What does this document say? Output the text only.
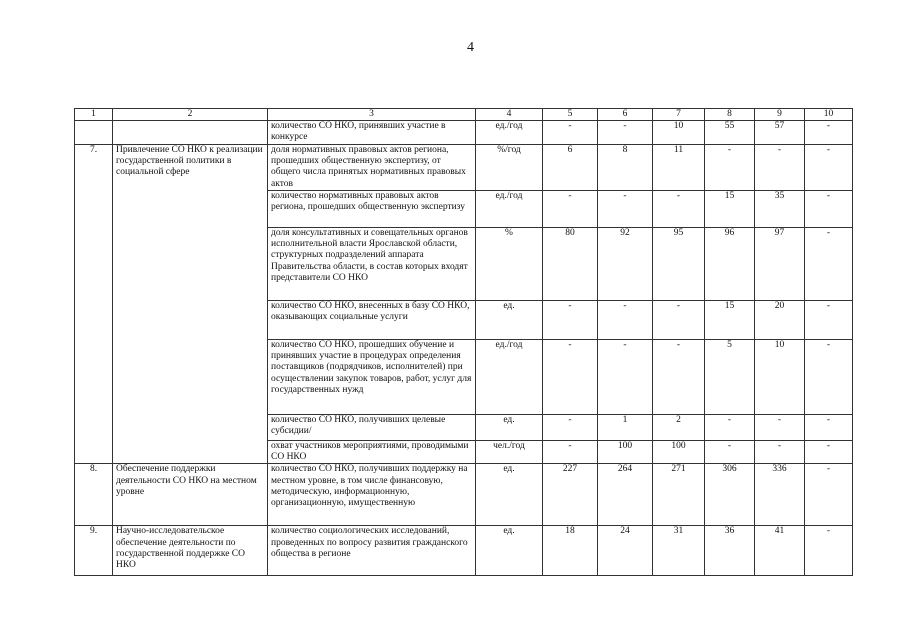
4
1	2	3	4	5	6	7	8	9	10
		количество СО НКО, принявших участие в конкурсе	ед./год	-	-	10	55	57	-
7.	Привлечение СО НКО к реализации государственной политики в социальной сфере	доля нормативных правовых актов региона, прошедших общественную экспертизу, от общего числа принятых нормативных правовых актов	%/год	6	8	11	-	-	-
		количество нормативных правовых актов региона, прошедших общественную экспертизу	ед./год	-	-	-	15	35	-
		доля консультативных и совещательных органов исполнительной власти Ярославской области, структурных подразделений аппарата Правительства области, в состав которых входят представители СО НКО	%	80	92	95	96	97	-
		количество СО НКО, внесенных в базу СО НКО, оказывающих социальные услуги	ед.	-	-	-	15	20	-
		количество СО НКО, прошедших обучение и принявших участие в процедурах определения поставщиков (подрядчиков, исполнителей) при осуществлении закупок товаров, работ, услуг для государственных нужд	ед./год	-	-	-	5	10	-
		количество СО НКО, получивших целевые субсидии/	ед.	-	1	2	-	-	-
		охват участников мероприятиями, проводимыми СО НКО	чел./год	-	100	100	-	-	-
8.	Обеспечение поддержки деятельности СО НКО на местном уровне	количество СО НКО, получивших поддержку на местном уровне, в том числе финансовую, методическую, информационную, организационную, имущественную	ед.	227	264	271	306	336	-
9.	Научно-исследовательское обеспечение деятельности по государственной поддержке СО НКО	количество социологических исследований, проведенных по вопросу развития гражданского общества в регионе	ед.	18	24	31	36	41	-
